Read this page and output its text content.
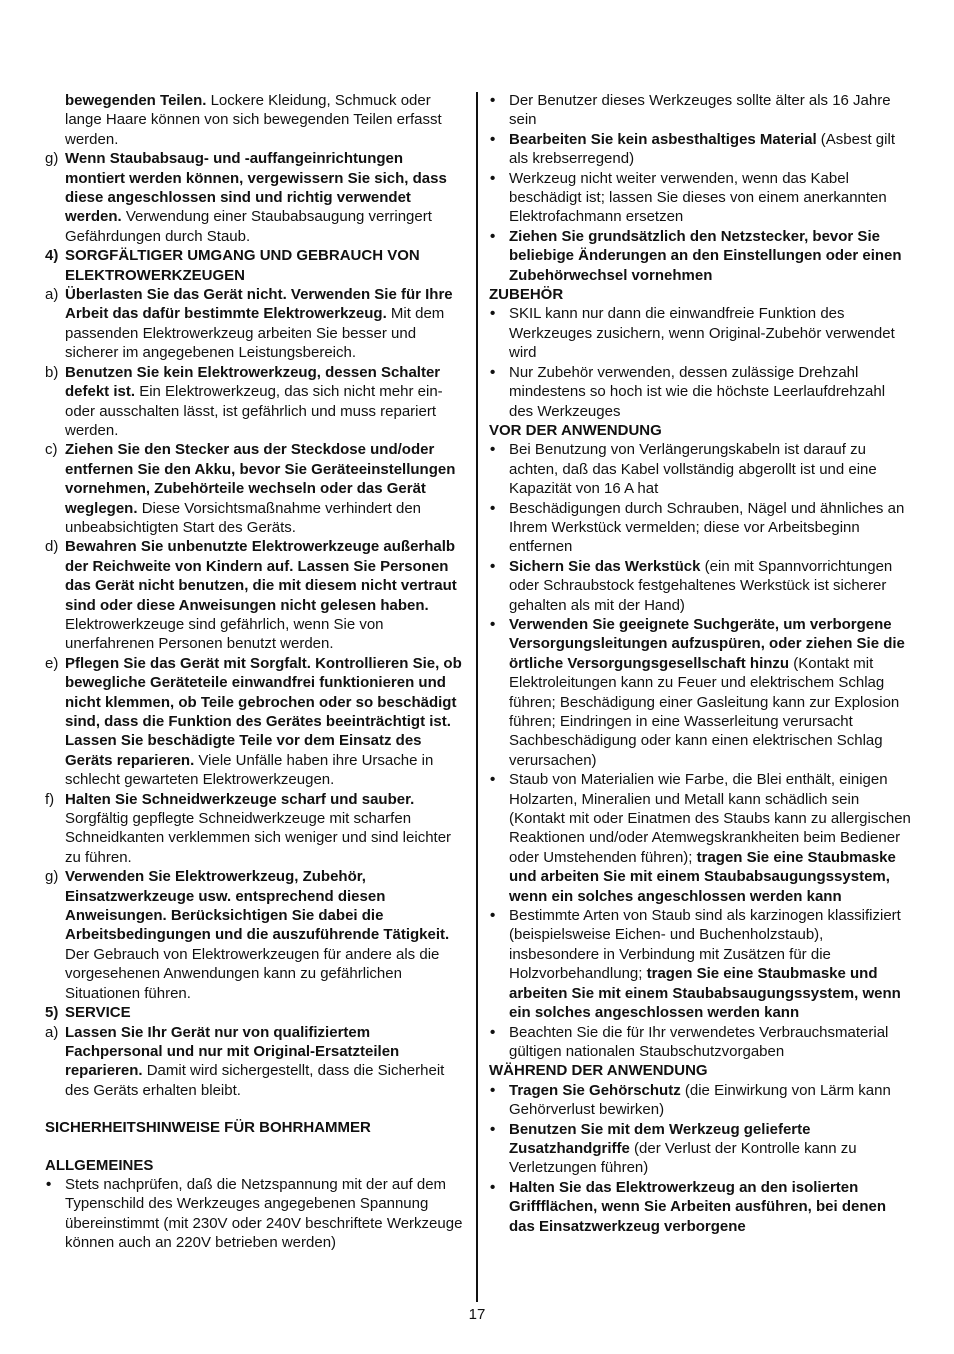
bewegenden Teilen. Lockere Kleidung, Schmuck oder lange Haare können von sich bewegenden Teilen erfasst werden.
g) Wenn Staubabsaug- und -auffangeinrichtungen montiert werden können, vergewissern Sie sich, dass diese angeschlossen sind und richtig verwendet werden. Verwendung einer Staubabsaugung verringert Gefährdungen durch Staub.
4) SORGFÄLTIGER UMGANG UND GEBRAUCH VON ELEKTROWERKZEUGEN
a) Überlasten Sie das Gerät nicht. Verwenden Sie für Ihre Arbeit das dafür bestimmte Elektrowerkzeug. Mit dem passenden Elektrowerkzeug arbeiten Sie besser und sicherer im angegebenen Leistungsbereich.
b) Benutzen Sie kein Elektrowerkzeug, dessen Schalter defekt ist. Ein Elektrowerkzeug, das sich nicht mehr ein- oder ausschalten lässt, ist gefährlich und muss repariert werden.
c) Ziehen Sie den Stecker aus der Steckdose und/oder entfernen Sie den Akku, bevor Sie Geräteeinstellungen vornehmen, Zubehörteile wechseln oder das Gerät weglegen. Diese Vorsichtsmaßnahme verhindert den unbeabsichtigten Start des Geräts.
d) Bewahren Sie unbenutzte Elektrowerkzeuge außerhalb der Reichweite von Kindern auf. Lassen Sie Personen das Gerät nicht benutzen, die mit diesem nicht vertraut sind oder diese Anweisungen nicht gelesen haben. Elektrowerkzeuge sind gefährlich, wenn Sie von unerfahrenen Personen benutzt werden.
e) Pflegen Sie das Gerät mit Sorgfalt. Kontrollieren Sie, ob bewegliche Geräteteile einwandfrei funktionieren und nicht klemmen, ob Teile gebrochen oder so beschädigt sind, dass die Funktion des Gerätes beeinträchtigt ist. Lassen Sie beschädigte Teile vor dem Einsatz des Geräts reparieren. Viele Unfälle haben ihre Ursache in schlecht gewarteten Elektrowerkzeugen.
f) Halten Sie Schneidwerkzeuge scharf und sauber. Sorgfältig gepflegte Schneidwerkzeuge mit scharfen Schneidkanten verklemmen sich weniger und sind leichter zu führen.
g) Verwenden Sie Elektrowerkzeug, Zubehör, Einsatzwerkzeuge usw. entsprechend diesen Anweisungen. Berücksichtigen Sie dabei die Arbeitsbedingungen und die auszuführende Tätigkeit. Der Gebrauch von Elektrowerkzeugen für andere als die vorgesehenen Anwendungen kann zu gefährlichen Situationen führen.
5) SERVICE
a) Lassen Sie Ihr Gerät nur von qualifiziertem Fachpersonal und nur mit Original-Ersatzteilen reparieren. Damit wird sichergestellt, dass die Sicherheit des Geräts erhalten bleibt.
SICHERHEITSHINWEISE FÜR BOHRHAMMER
ALLGEMEINES
• Stets nachprüfen, daß die Netzspannung mit der auf dem Typenschild des Werkzeuges angegebenen Spannung übereinstimmt (mit 230V oder 240V beschriftete Werkzeuge können auch an 220V betrieben werden)
• Der Benutzer dieses Werkzeuges sollte älter als 16 Jahre sein
• Bearbeiten Sie kein asbesthaltiges Material (Asbest gilt als krebserregend)
• Werkzeug nicht weiter verwenden, wenn das Kabel beschädigt ist; lassen Sie dieses von einem anerkannten Elektrofachmann ersetzen
• Ziehen Sie grundsätzlich den Netzstecker, bevor Sie beliebige Änderungen an den Einstellungen oder einen Zubehörwechsel vornehmen
ZUBEHÖR
• SKIL kann nur dann die einwandfreie Funktion des Werkzeuges zusichern, wenn Original-Zubehör verwendet wird
• Nur Zubehör verwenden, dessen zulässige Drehzahl mindestens so hoch ist wie die höchste Leerlaufdrehzahl des Werkzeuges
VOR DER ANWENDUNG
• Bei Benutzung von Verlängerungskabeln ist darauf zu achten, daß das Kabel vollständig abgerollt ist und eine Kapazität von 16 A hat
• Beschädigungen durch Schrauben, Nägel und ähnliches an Ihrem Werkstück vermelden; diese vor Arbeitsbeginn entfernen
• Sichern Sie das Werkstück (ein mit Spannvorrichtungen oder Schraubstock festgehaltenes Werkstück ist sicherer gehalten als mit der Hand)
• Verwenden Sie geeignete Suchgeräte, um verborgene Versorgungsleitungen aufzuspüren, oder ziehen Sie die örtliche Versorgungsgesellschaft hinzu (Kontakt mit Elektroleitungen kann zu Feuer und elektrischem Schlag führen; Beschädigung einer Gasleitung kann zur Explosion führen; Eindringen in eine Wasserleitung verursacht Sachbeschädigung oder kann einen elektrischen Schlag verursachen)
• Staub von Materialien wie Farbe, die Blei enthält, einigen Holzarten, Mineralien und Metall kann schädlich sein (Kontakt mit oder Einatmen des Staubs kann zu allergischen Reaktionen und/oder Atemwegskrankheiten beim Bediener oder Umstehenden führen); tragen Sie eine Staubmaske und arbeiten Sie mit einem Staubabsaugungssystem, wenn ein solches angeschlossen werden kann
• Bestimmte Arten von Staub sind als karzinogen klassifiziert (beispielsweise Eichen- und Buchenholzstaub), insbesondere in Verbindung mit Zusätzen für die Holzvorbehandlung; tragen Sie eine Staubmaske und arbeiten Sie mit einem Staubabsaugungssystem, wenn ein solches angeschlossen werden kann
• Beachten Sie die für Ihr verwendetes Verbrauchsmaterial gültigen nationalen Staubschutzvorgaben
WÄHREND DER ANWENDUNG
• Tragen Sie Gehörschutz (die Einwirkung von Lärm kann Gehörverlust bewirken)
• Benutzen Sie mit dem Werkzeug gelieferte Zusatzhandgriffe (der Verlust der Kontrolle kann zu Verletzungen führen)
• Halten Sie das Elektrowerkzeug an den isolierten Griffflächen, wenn Sie Arbeiten ausführen, bei denen das Einsatzwerkzeug verborgene
17
